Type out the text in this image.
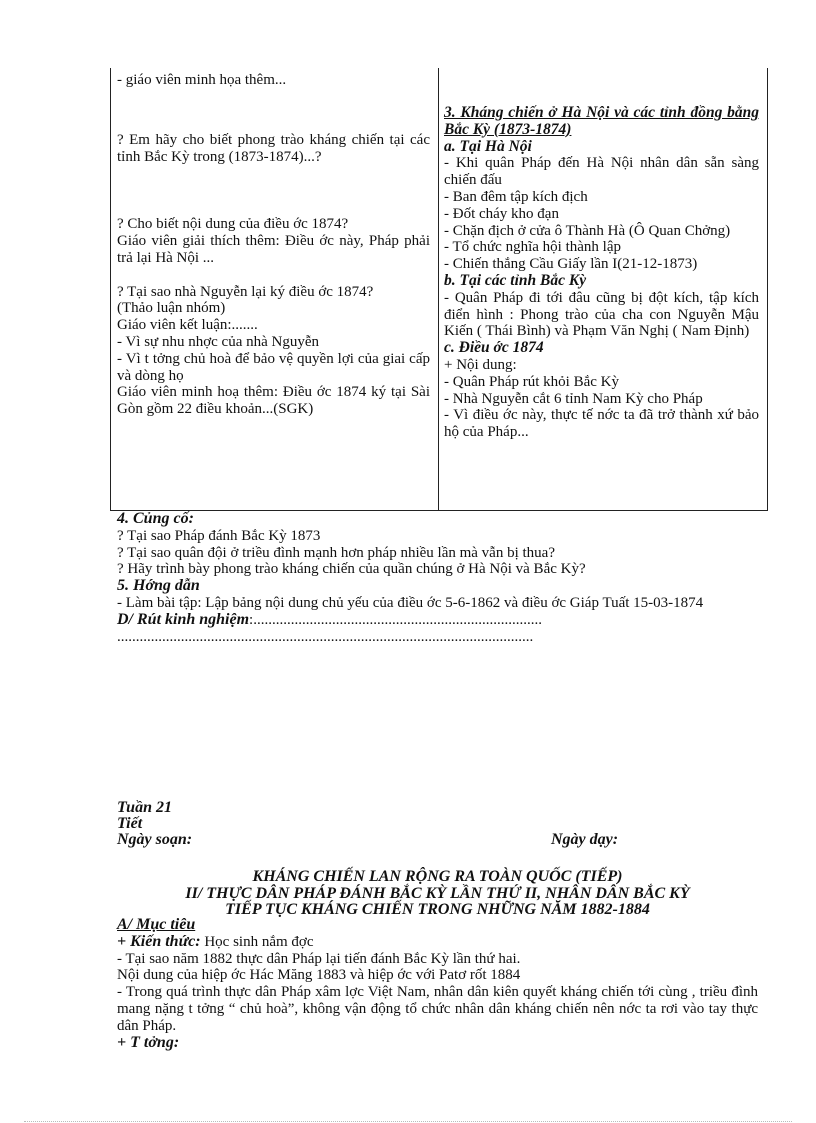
- giáo viên minh họa thêm...

? Em hãy cho biết phong trào kháng chiến tại các tỉnh Bắc Kỳ trong (1873-1874)...?

? Cho biết nội dung của điều ớc 1874?

Giáo viên giải thích thêm: Điều ớc này, Pháp phải trả lại Hà Nội ...

? Tại sao nhà Nguyễn lại ký điều ớc 1874?

(Thảo luận nhóm)

Giáo viên kết luận:.......

- Vì sự nhu nhợc của nhà Nguyễn

- Vì t tởng chủ hoà để bảo vệ quyền lợi của giai cấp và dòng họ

Giáo viên minh hoạ thêm: Điều ớc 1874 ký tại Sài Gòn gồm 22 điều khoản...(SGK)

3. Kháng chiến ở Hà Nội và các tỉnh đồng bằng Bắc Kỳ (1873-1874)

a. Tại Hà Nội

- Khi quân Pháp đến Hà Nội nhân dân sẵn sàng chiến đấu

- Ban đêm tập kích địch

- Đốt cháy kho đạn

- Chặn địch ở cửa ô Thành Hà (Ô Quan Chởng)

- Tổ chức nghĩa hội thành lập

- Chiến thắng Cầu Giấy lần I(21-12-1873)

b. Tại các tỉnh Bắc Kỳ

- Quân Pháp đi tới đâu cũng bị đột kích, tập kích điển hình : Phong trào của cha con Nguyễn Mậu Kiến ( Thái Bình) và Phạm Văn Nghị ( Nam Định)

c. Điều ớc 1874

+ Nội dung:

- Quân Pháp rút khỏi Bắc Kỳ

- Nhà Nguyễn cắt 6 tỉnh Nam Kỳ cho Pháp

- Vì điều ớc này, thực tế nớc ta đã trở thành xứ bảo hộ của Pháp...

4. Củng cố:

? Tại sao Pháp đánh Bắc Kỳ 1873

? Tại sao quân đội ở triều đình mạnh hơn pháp nhiều lần mà vẫn bị thua?

? Hãy trình bày phong trào kháng chiến của quần chúng ở Hà Nội và Bắc Kỳ?

5. Hớng dẫn

- Làm bài tập: Lập bảng nội dung chủ yếu của điều ớc 5-6-1862 và điều ớc Giáp Tuất 15-03-1874

D/ Rút kinh nghiệm:.............................................................................

...............................................................................................................

Tuần 21
Tiết
Ngày soạn:	Ngày dạy:
KHÁNG CHIẾN LAN RỘNG RA TOÀN QUỐC (TIẾP)
II/ THỰC DÂN PHÁP ĐÁNH BẮC KỲ LẦN THỨ II, NHÂN DÂN BẮC KỲ
TIẾP TỤC KHÁNG CHIẾN TRONG NHỮNG NĂM 1882-1884

A/ Mục tiêu

+ Kiến thức: Học sinh nắm đợc

- Tại sao năm 1882 thực dân Pháp lại tiến đánh Bắc Kỳ lần thứ hai.

Nội dung của hiệp ớc Hác Măng 1883 và hiệp ớc với Patơ rốt 1884

- Trong quá trình thực dân Pháp xâm lợc Việt Nam, nhân dân kiên quyết kháng chiến tới cùng , triều đình mang nặng t tởng “ chủ hoà”, không vận động tổ chức nhân dân kháng chiến nên nớc ta rơi vào tay thực dân Pháp.

+ T tởng:
